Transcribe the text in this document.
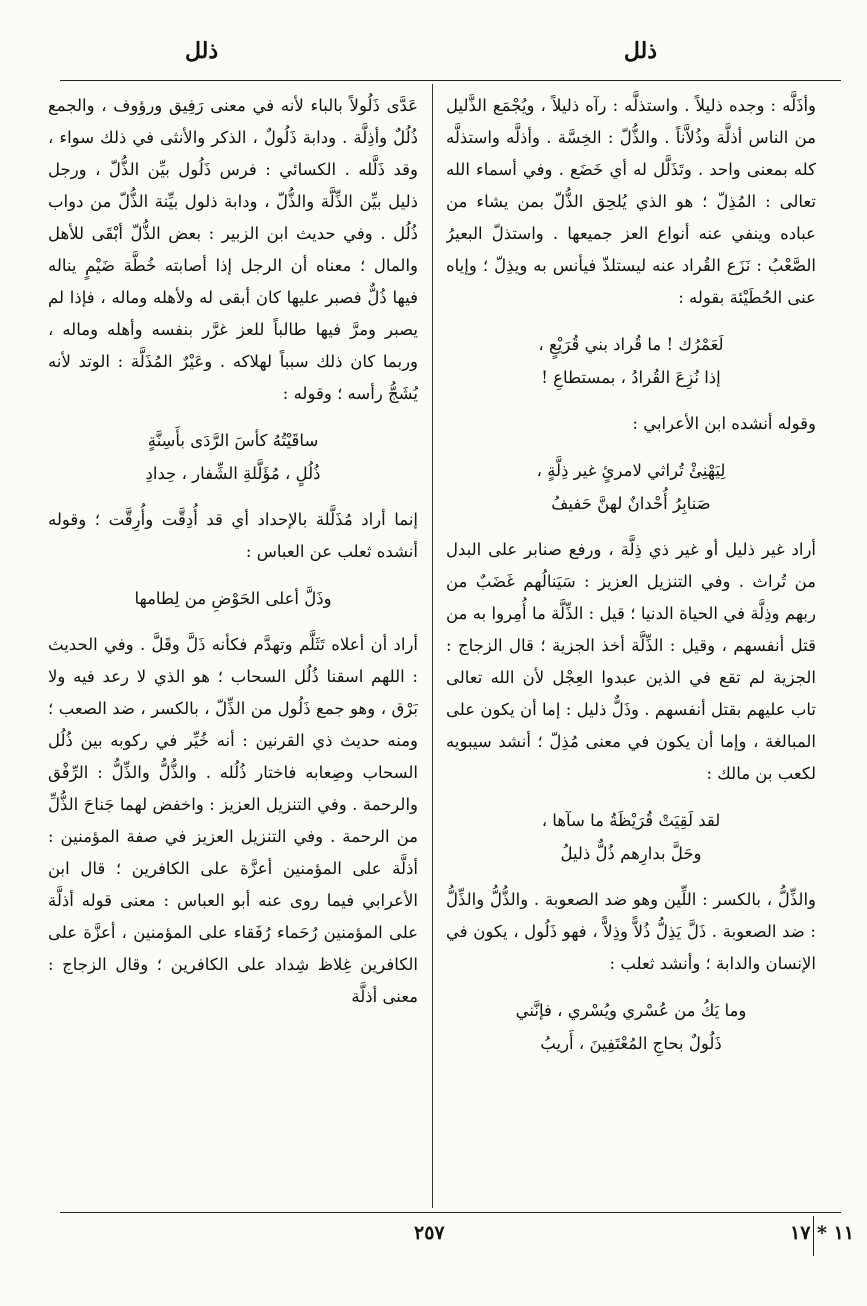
ذلل
ذلل

وأذَلَّه : وجده ذليلاً . واستذلَّه : رآه ذليلاً ، ويُجْمَع الذَّليل من الناس أذلَّة وذُلاَّناً . والذُّلّ : الخِسَّة . وأذلَّه واستذلَّه كله بمعنى واحد . وتَذَلَّل له أي خَضَع . وفي أسماء الله تعالى : المُذِلّ ؛ هو الذي يُلحِق الذُّلّ بمن يشاء من عباده وينفي عنه أنواع العز جميعها . واستذلّ البعيرُ الصَّعْبُ : نَزَع القُراد عنه ليستلذّ فيأنس به ويذِلّ ؛ وإياه عنى الحُطَيْئة بقوله :

لَعَمْرُك ! ما قُراد بني قُرَيْعٍ ،
إذا نُزِعَ القُرادُ ، بمستطاعِ !

وقوله أنشده ابن الأعرابي :

لِيَهْنِئْ تُراثي لامرئٍ غير ذِلَّةٍ ،
صَنابِرُ أُحْدانٌ لهنَّ حَفيفُ

أراد غير ذليل أو غير ذي ذِلَّة ، ورفع صنابر على البدل من تُراث . وفي التنزيل العزيز : سَيَنالُهم غَضَبٌ من ربهم وذِلَّة في الحياة الدنيا ؛ قيل : الذِّلَّة ما أُمِروا به من قتل أنفسهم ، وقيل : الذِّلَّة أخذ الجزية ؛ قال الزجاج : الجزية لم تقع في الذين عبدوا العِجْل لأن الله تعالى تاب عليهم بقتل أنفسهم . وذَلٌّ ذليل : إما أن يكون على المبالغة ، وإما أن يكون في معنى مُذِلّ ؛ أنشد سيبويه لكعب بن مالك :

لقد لَقِيَتْ قُرَيْظَةُ ما سآها ،
وحَلَّ بدارِهم ذُلٌّ ذليلُ

والذِّلُّ ، بالكسر : اللِّين وهو ضد الصعوبة . والذُّلُّ والذِّلُّ : ضد الصعوبة . ذَلَّ يَذِلُّ ذُلاًّ وذِلاًّ ، فهو ذَلُول ، يكون في الإنسان والدابة ؛ وأنشد ثعلب :

وما يَكُ من عُسْري ويُسْري ، فإنَّني
ذَلُولٌ بحاجِ المُعْتَفِينَ ، أَريبُ

عَدَّى ذَلُولاً بالباء لأنه في معنى رَفِيق ورؤوف ، والجمع ذُلُلٌ وأذِلَّة . ودابة ذَلُولٌ ، الذكر والأنثى في ذلك سواء ، وقد ذَلَّله . الكسائي : فرس ذَلُول بيِّن الذُّلّ ، ورجل ذليل بيِّن الذِّلَّة والذُّلّ ، ودابة ذلول بيِّنة الذُّلّ من دواب ذُلُل . وفي حديث ابن الزبير : بعض الذُّلّ أبْقَى للأهل والمال ؛ معناه أن الرجل إذا أصابته خُطَّة ضَيْمٍ يناله فيها ذُلٌّ فصبر عليها كان أبقى له ولأهله وماله ، فإذا لم يصبر ومرَّ فيها طالباً للعز غرَّر بنفسه وأهله وماله ، وربما كان ذلك سبباً لهلاكه . وعَيْرٌ المُذَلَّة : الوتد لأنه يُشَجُّ رأسه ؛ وقوله :

ساقَيْتُهُ كأسَ الرَّدَى بأَسِنَّةٍ
ذُلُلٍ ، مُؤَلَّلةِ الشِّفار ، حِدادِ

إنما أراد مُذَلَّلة بالإحداد أي قد أُدِقَّت وأُرِقَّت ؛ وقوله أنشده ثعلب عن العباس :

وذَلَّ أعلى الحَوْضِ من لِطامها

أراد أن أعلاه تَثَلَّم وتهدَّم فكأنه ذَلَّ وقَلَّ . وفي الحديث : اللهم اسقنا ذُلُل السحاب ؛ هو الذي لا رعد فيه ولا بَرْق ، وهو جمع ذَلُول من الذِّلّ ، بالكسر ، ضد الصعب ؛ ومنه حديث ذي القرنين : أنه خُيِّر في ركوبه بين ذُلُل السحاب وصِعابه فاختار ذُلُله . والذُّلُّ والذِّلُّ : الرِّفْق والرحمة . وفي التنزيل العزيز : واخفض لهما جَناحَ الذُّلِّ من الرحمة . وفي التنزيل العزيز في صفة المؤمنين : أذلَّة على المؤمنين أعزَّة على الكافرين ؛ قال ابن الأعرابي فيما روى عنه أبو العباس : معنى قوله أذلَّة على المؤمنين رُحَماء رُفَقاء على المؤمنين ، أعزَّة على الكافرين غِلاظ شِداد على الكافرين ؛ وقال الزجاج : معنى أذلَّة

٢٥٧	١١ * ١٧
